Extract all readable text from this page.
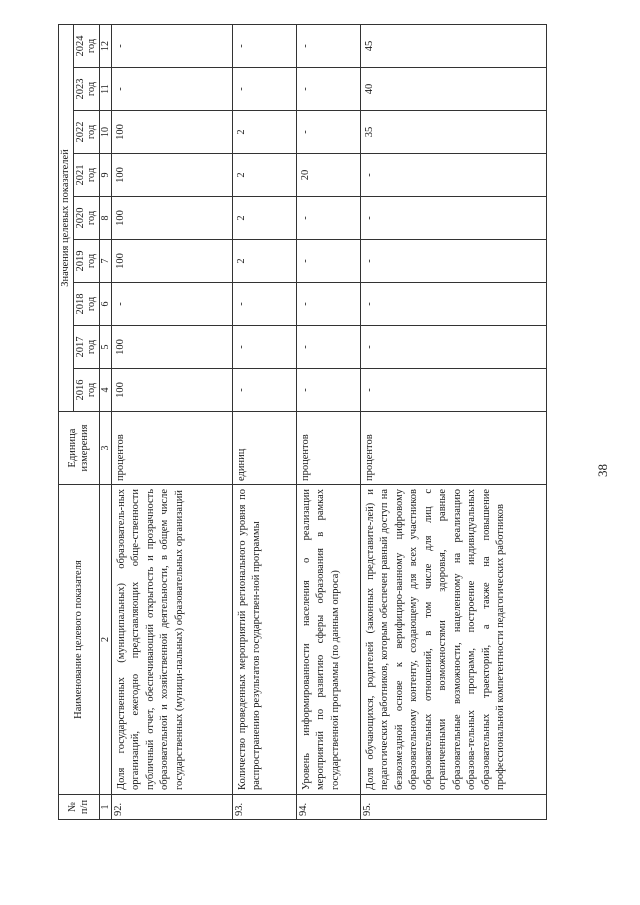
38
№
п/п	Наименование целевого показателя	Единица
измерения	Значения целевых показателей								
			2016
год	2017
год	2018
год	2019
год	2020
год	2021
год	2022
год	2023
год	2024
год
1	2	3	4	5	6	7	8	9	10	11	12
92.	Доля государственных (муниципальных) образователь-ных организаций, ежегодно представляющих обще-ственности публичный отчет, обеспечивающий открытость и прозрачность образовательной и хозяйственной деятельности, в общем числе государственных (муници-пальных) образовательных организаций	процентов	100	100	-	100	100	100	100	-	-
93.	Количество проведенных мероприятий регионального уровня по распространению результатов государствен-ной программы	единиц	-	-	-	2	2	2	2	-	-
94.	Уровень информированности населения о реализации мероприятий по развитию сферы образования в рамках государственной программы (по данным опроса)	процентов	-	-	-	-	-	20	-	-	-
95.	Доля обучающихся, родителей (законных представите-лей) и педагогических работников, которым обеспечен равный доступ на безвозмездной основе к верифициро-ванному цифровому образовательному контенту, создающему для всех участников образовательных отношений, в том числе для лиц с ограниченными возможностями здоровья, равные образовательные возможности, нацеленному на реализацию образова-тельных программ, построение индивидуальных образовательных траекторий, а также на повышение профессиональной компетентности педагогических работников	процентов	-	-	-	-	-	-	35	40	45
